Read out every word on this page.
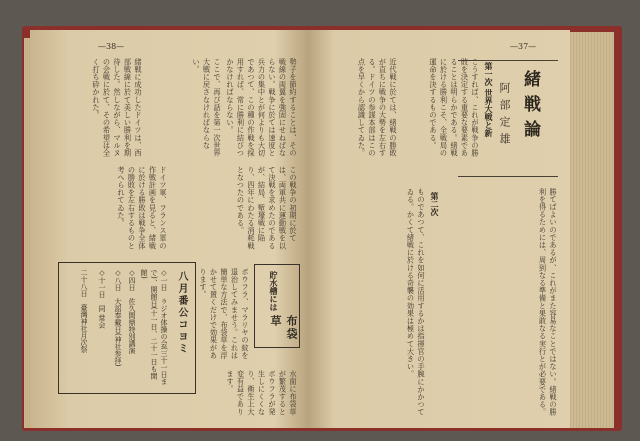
—38—
勢子を節約することは、その戦線の両翼を強固にせねばならない。戦争に於ては速度と兵力の集中とが何よりも大切であつて、この種の作戦を採用すれば、常に勝利に結びつかなければならない。
ここで、再び話を第一次世界大戦に戻さなければならない。
緒戦に成功したドイツは、西部戦線に於て美しい勝利を期待した。然しながら、マルヌの会戦に於て、その希望は全く打ち砕かれた。
この戦争の初期に於ては、両軍共に運動戦を以て決戦を求めたのであるが、結局、塹壕戦に陥り、四年にわたる消耗戦となつたのである。
ドイツ軍、フランス軍の作戦計画を見ると、緒戦に於ける勝敗は戦争全体の勝敗を左右するものと考へられてゐた。
八月番公コヨミ
◇一日　ラジオ体操の会(三十一日まで)、開館日(十一日、二十一日も開館)
◇四日　佐久間鼎特別講演
◇八日　大詔奉戴日(神社参拝)
◇十一日　同 常会
二十八日　臺灣神社月次祭	ボウフラ、マラリヤの蚊を退治してみませう。これは簡単な方法で、布袋草を浮かせて置くだけで効果があります。	貯水槽には
布袋草
水面に布袋草が繁茂するとボウフラが発生しにくくなり、衛生上大変有益であります。
—37—
緒戦論
阿部定雄
第一次 世界大戦と新
こうすれば、これが戦争の勝敗を決定する重要な要素であることは明らかである。緒戦に於ける勝利こそ、全戦局の運命を決するものである。
近代戦に於ては、緒戦の勝敗が直ちに戦争の大勢を左右する。ドイツの参謀本部はこの点を早くから認識してゐた。
勝てばよいのであるが、これがまた容易なことではない。緒戦の勝利を得るためには、周到なる準備と果敢なる実行とが必要である。
第二次
ものであつて、これを如何に活用するかは指揮官の手腕にかかつてゐる。かくて緒戦に於ける奇襲の効果は極めて大きい。
